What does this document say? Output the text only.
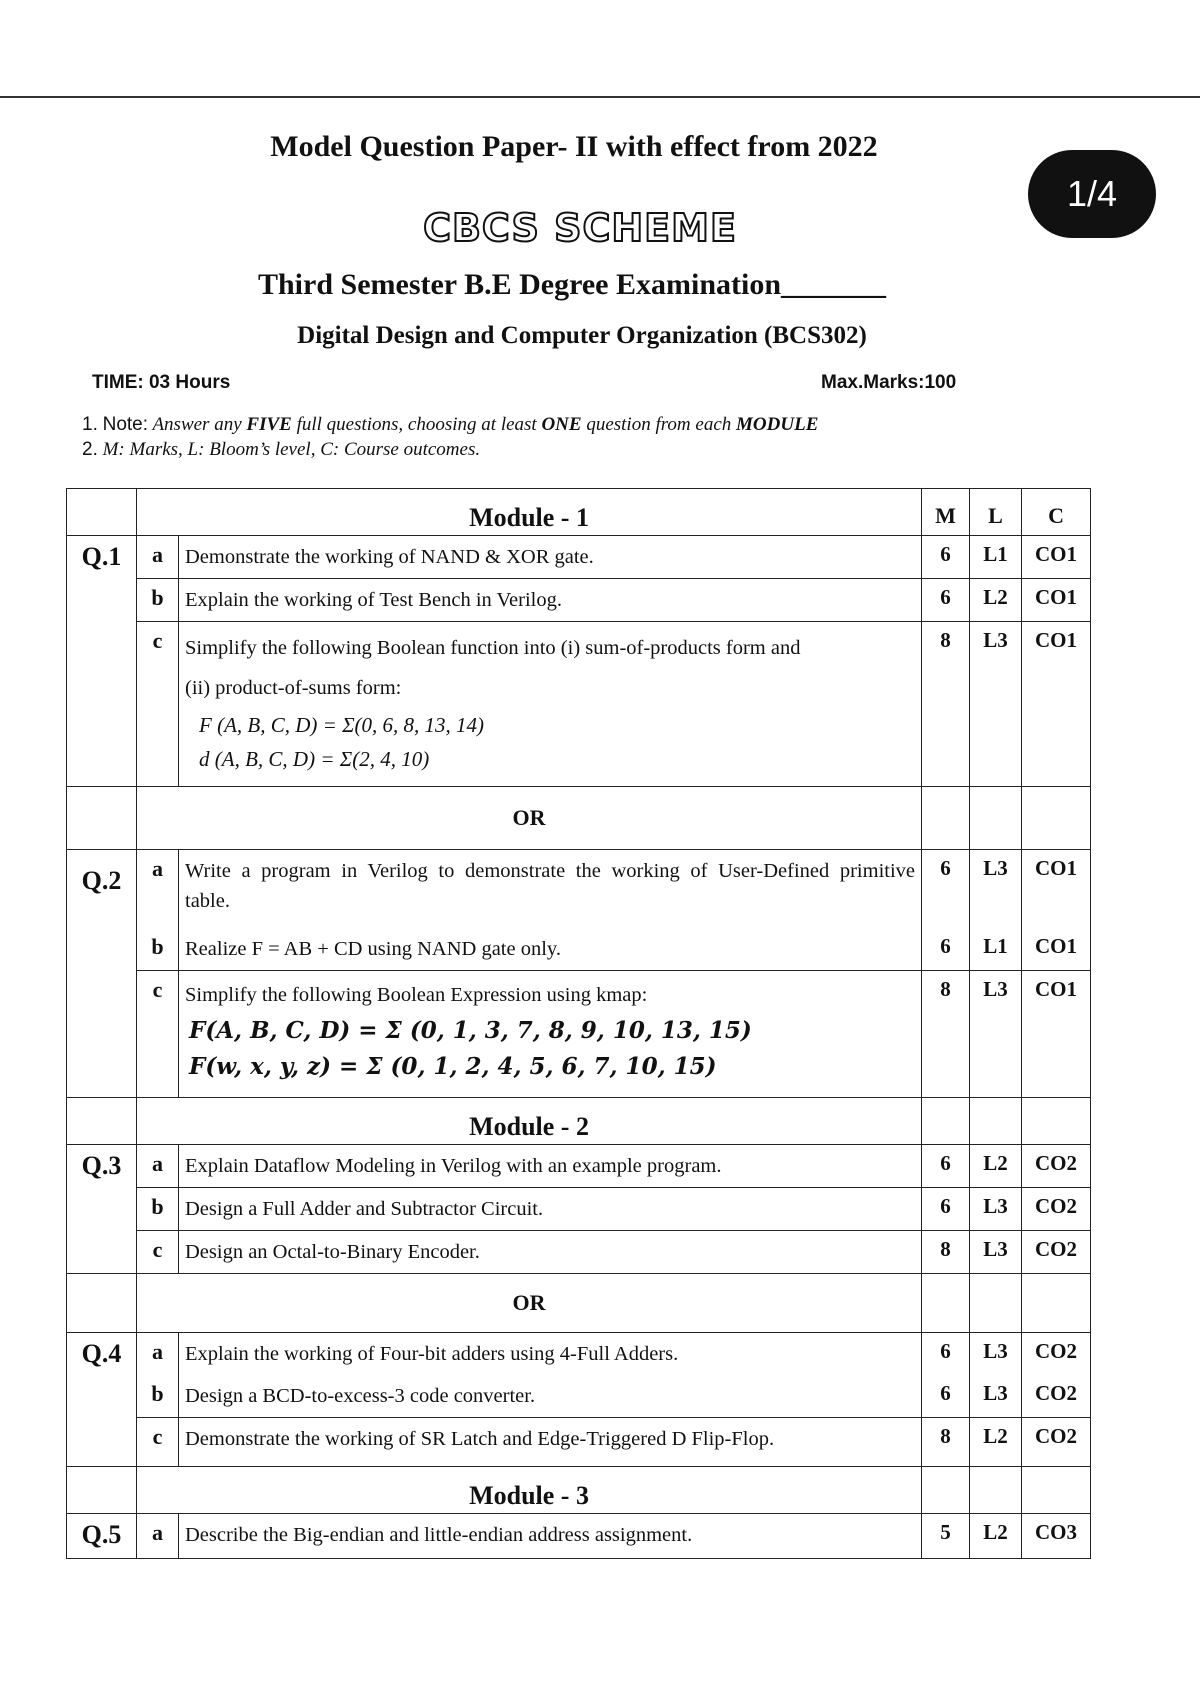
Model Question Paper- II with effect from 2022
CBCS SCHEME
Third Semester B.E Degree Examination_______
Digital Design and Computer Organization (BCS302)
1/4
TIME: 03 Hours	Max.Marks:100
1. Note: Answer any FIVE full questions, choosing at least ONE question from each MODULE
2. M: Marks, L: Bloom’s level, C: Course outcomes.
	Module - 1		M	L	C
Q.1	a	Demonstrate the working of NAND & XOR gate.	6	L1	CO1
	b	Explain the working of Test Bench in Verilog.	6	L2	CO1
	c	Simplify the following Boolean function into (i) sum-of-products form and
(ii) product-of-sums form:
F (A, B, C, D) = Σ(0, 6, 8, 13, 14)
d (A, B, C, D) = Σ(2, 4, 10)	8	L3	CO1
	OR				
Q.2	a	Write a program in Verilog to demonstrate the working of User-Defined primitive table.	6	L3	CO1
	b	Realize F = AB + CD using NAND gate only.	6	L1	CO1
	c	Simplify the following Boolean Expression using kmap:
F(A, B, C, D) = Σ (0, 1, 3, 7, 8, 9, 10, 13, 15)
F(w, x, y, z) = Σ (0, 1, 2, 4, 5, 6, 7, 10, 15)	8	L3	CO1
	Module - 2				
Q.3	a	Explain Dataflow Modeling in Verilog with an example program.	6	L2	CO2
	b	Design a Full Adder and Subtractor Circuit.	6	L3	CO2
	c	Design an Octal-to-Binary Encoder.	8	L3	CO2
	OR				
Q.4	a	Explain the working of Four-bit adders using 4-Full Adders.	6	L3	CO2
	b	Design a BCD-to-excess-3 code converter.	6	L3	CO2
	c	Demonstrate the working of SR Latch and Edge-Triggered D Flip-Flop.	8	L2	CO2
	Module - 3				
Q.5	a	Describe the Big-endian and little-endian address assignment.	5	L2	CO3
